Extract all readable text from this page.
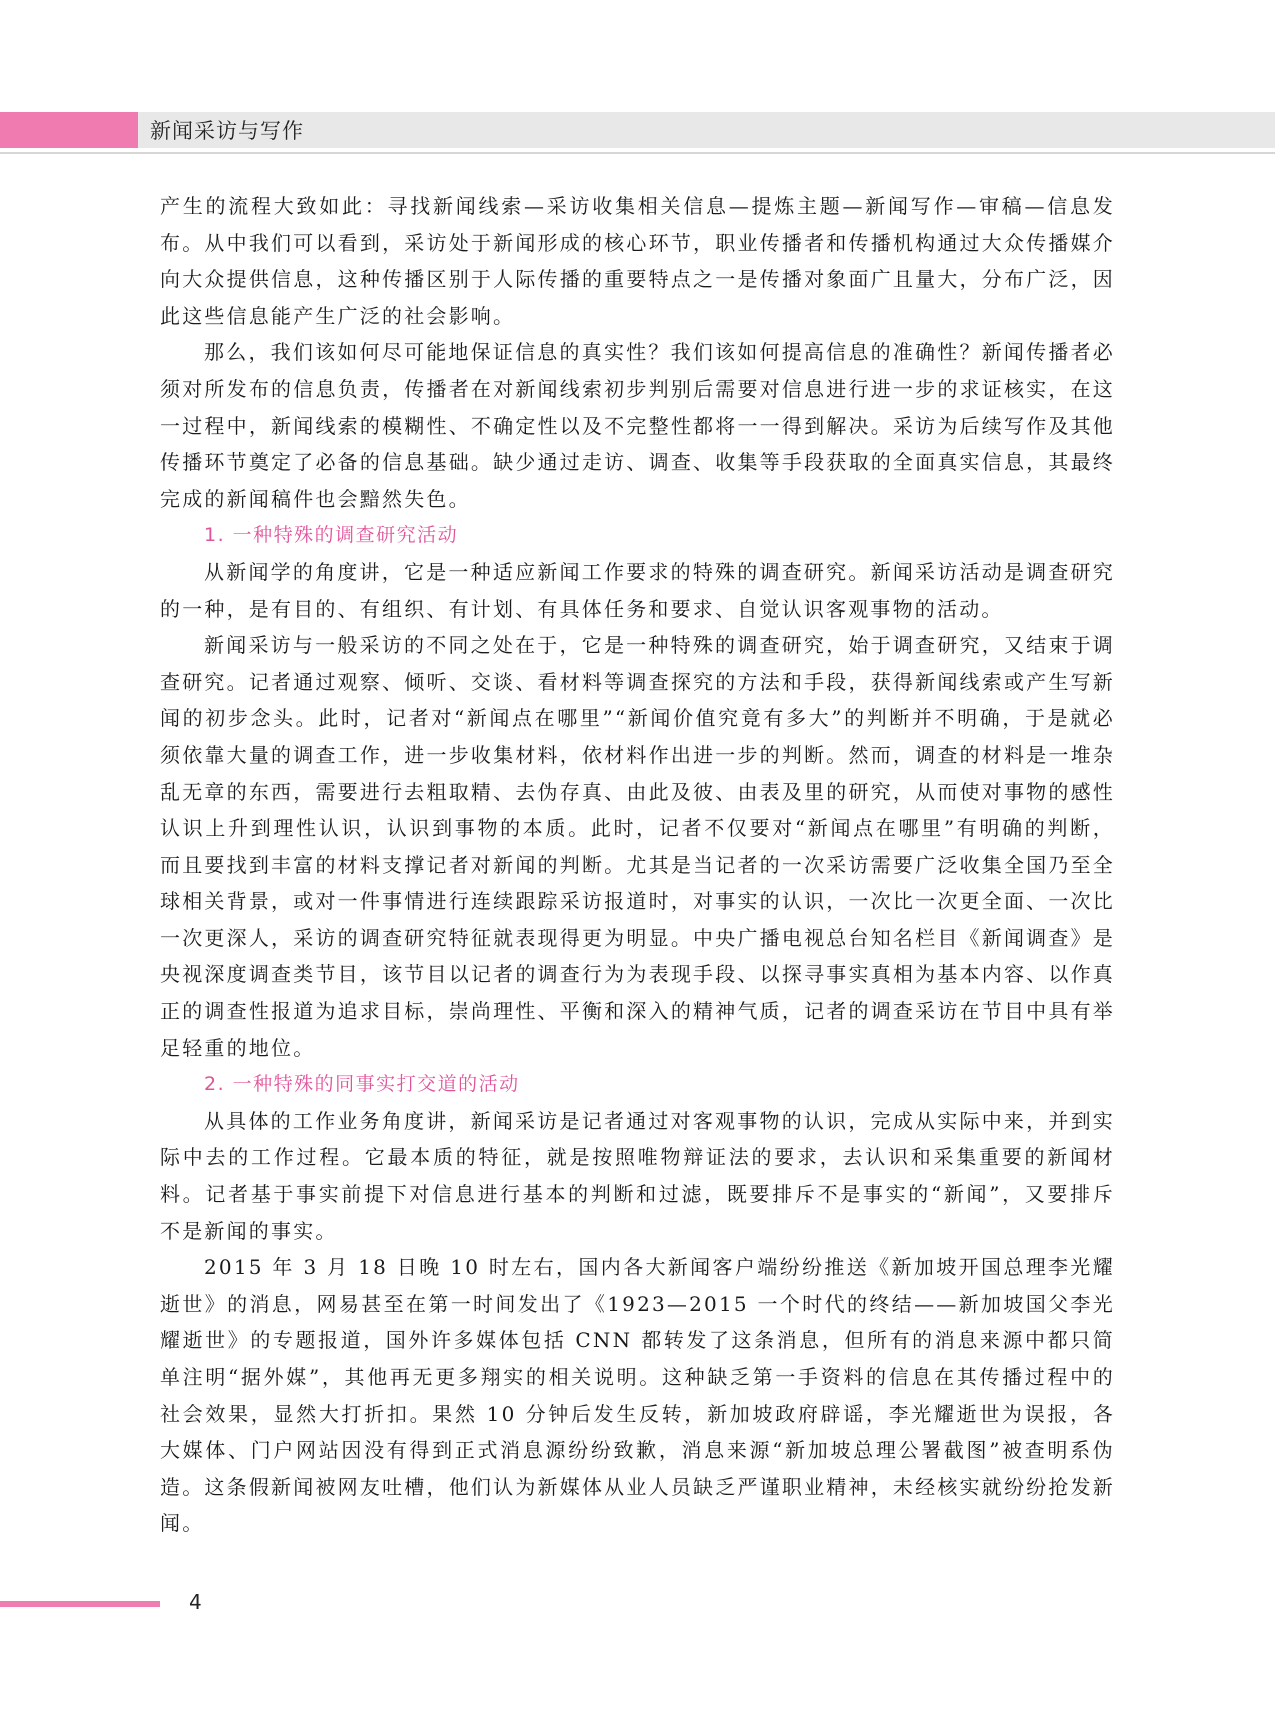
新闻采访与写作

产生的流程大致如此：寻找新闻线索—采访收集相关信息—提炼主题—新闻写作—审稿—信息发布。从中我们可以看到，采访处于新闻形成的核心环节，职业传播者和传播机构通过大众传播媒介向大众提供信息，这种传播区别于人际传播的重要特点之一是传播对象面广且量大，分布广泛，因此这些信息能产生广泛的社会影响。

那么，我们该如何尽可能地保证信息的真实性？我们该如何提高信息的准确性？新闻传播者必须对所发布的信息负责，传播者在对新闻线索初步判别后需要对信息进行进一步的求证核实，在这一过程中，新闻线索的模糊性、不确定性以及不完整性都将一一得到解决。采访为后续写作及其他传播环节奠定了必备的信息基础。缺少通过走访、调查、收集等手段获取的全面真实信息，其最终完成的新闻稿件也会黯然失色。

1. 一种特殊的调查研究活动

从新闻学的角度讲，它是一种适应新闻工作要求的特殊的调查研究。新闻采访活动是调查研究的一种，是有目的、有组织、有计划、有具体任务和要求、自觉认识客观事物的活动。

新闻采访与一般采访的不同之处在于，它是一种特殊的调查研究，始于调查研究，又结束于调查研究。记者通过观察、倾听、交谈、看材料等调查探究的方法和手段，获得新闻线索或产生写新闻的初步念头。此时，记者对“新闻点在哪里”“新闻价值究竟有多大”的判断并不明确，于是就必须依靠大量的调查工作，进一步收集材料，依材料作出进一步的判断。然而，调查的材料是一堆杂乱无章的东西，需要进行去粗取精、去伪存真、由此及彼、由表及里的研究，从而使对事物的感性认识上升到理性认识，认识到事物的本质。此时，记者不仅要对“新闻点在哪里”有明确的判断，而且要找到丰富的材料支撑记者对新闻的判断。尤其是当记者的一次采访需要广泛收集全国乃至全球相关背景，或对一件事情进行连续跟踪采访报道时，对事实的认识，一次比一次更全面、一次比一次更深人，采访的调查研究特征就表现得更为明显。中央广播电视总台知名栏目《新闻调查》是央视深度调查类节目，该节目以记者的调查行为为表现手段、以探寻事实真相为基本内容、以作真正的调查性报道为追求目标，崇尚理性、平衡和深入的精神气质，记者的调查采访在节目中具有举足轻重的地位。

2. 一种特殊的同事实打交道的活动

从具体的工作业务角度讲，新闻采访是记者通过对客观事物的认识，完成从实际中来，并到实际中去的工作过程。它最本质的特征，就是按照唯物辩证法的要求，去认识和采集重要的新闻材料。记者基于事实前提下对信息进行基本的判断和过滤，既要排斥不是事实的“新闻”，又要排斥不是新闻的事实。

2015 年 3 月 18 日晚 10 时左右，国内各大新闻客户端纷纷推送《新加坡开国总理李光耀逝世》的消息，网易甚至在第一时间发出了《1923—2015 一个时代的终结——新加坡国父李光耀逝世》的专题报道，国外许多媒体包括 CNN 都转发了这条消息，但所有的消息来源中都只简单注明“据外媒”，其他再无更多翔实的相关说明。这种缺乏第一手资料的信息在其传播过程中的社会效果，显然大打折扣。果然 10 分钟后发生反转，新加坡政府辟谣，李光耀逝世为误报，各大媒体、门户网站因没有得到正式消息源纷纷致歉，消息来源“新加坡总理公署截图”被查明系伪造。这条假新闻被网友吐槽，他们认为新媒体从业人员缺乏严谨职业精神，未经核实就纷纷抢发新闻。

4
